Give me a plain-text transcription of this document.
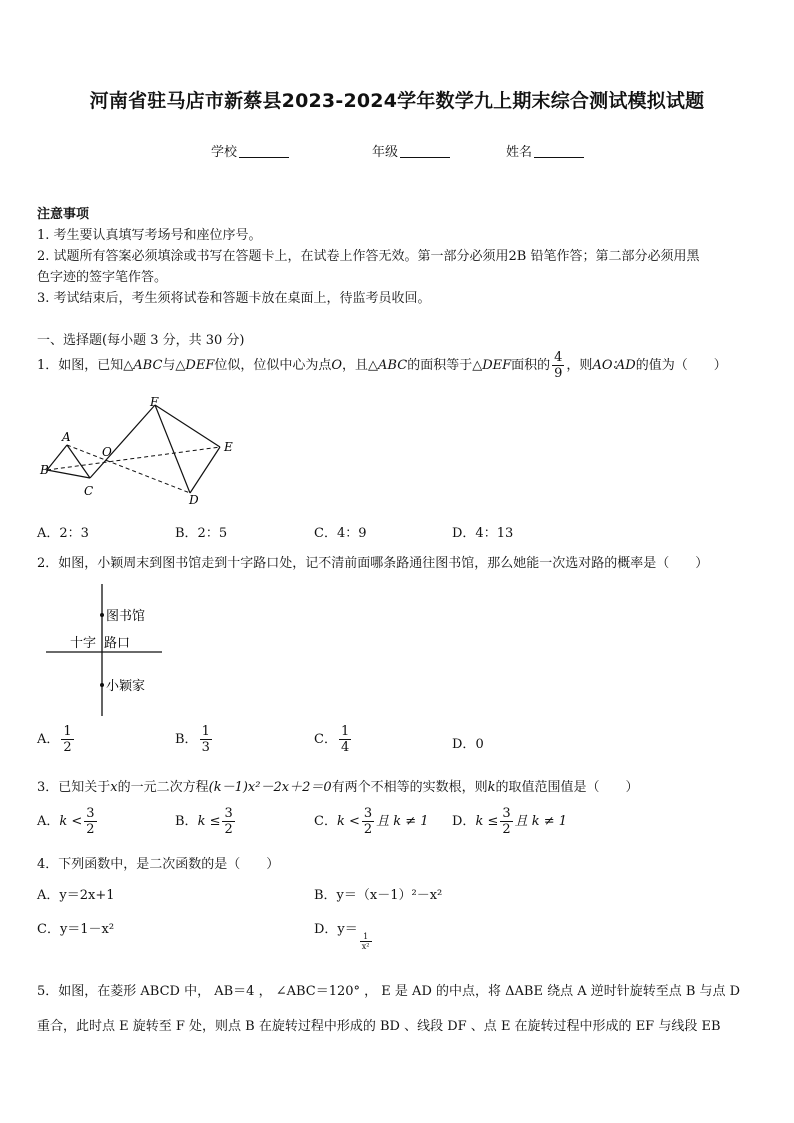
河南省驻马店市新蔡县2023-2024学年数学九上期末综合测试模拟试题
学校	年级	姓名
注意事项
1. 考生要认真填写考场号和座位序号。
2. 试题所有答案必须填涂或书写在答题卡上，在试卷上作答无效。第一部分必须用2B 铅笔作答；第二部分必须用黑
色字迹的签字笔作答。
3. 考试结束后，考生须将试卷和答题卡放在桌面上，待监考员收回。
一、选择题(每小题 3 分，共 30 分)
1．如图，已知△ABC与△DEF位似，位似中心为点O，且△ABC的面积等于△DEF面积的 $\frac{4}{9}$ ，则AO∶AD的值为（　　）
A
B
C
O
F
E
D
A．2：3	B．2：5	C．4：9	D．4：13
2．如图，小颖周末到图书馆走到十字路口处，记不清前面哪条路通往图书馆，那么她能一次选对路的概率是（　　）
图书馆
十字 路口
小颖家
A． $\frac{1}{2}$	B． $\frac{1}{3}$	C． $\frac{1}{4}$	D．0
3．已知关于x的一元二次方程(k－1)x²－2x＋2＝0有两个不相等的实数根，则k的取值范围值是（　　）
A．$k < \frac{3}{2}$	B．$k \le \frac{3}{2}$	C．$k < \frac{3}{2}$ 且 k ≠ 1 D．$k \le \frac{3}{2}$ 且 k ≠ 1
4．下列函数中，是二次函数的是（　　）
A．y＝2x+1	B．y＝（x－1）²－x²
C．y＝1－x²	D．y＝
$\frac{1}{\text{x²}}$
5．如图，在菱形 ABCD 中， AB＝4 ， ∠ABC＝120° ， E 是 AD 的中点，将 ΔABE 绕点 A 逆时针旋转至点 B 与点 D
重合，此时点 E 旋转至 F 处，则点 B 在旋转过程中形成的 BD 、线段 DF 、点 E 在旋转过程中形成的 EF 与线段 EB
